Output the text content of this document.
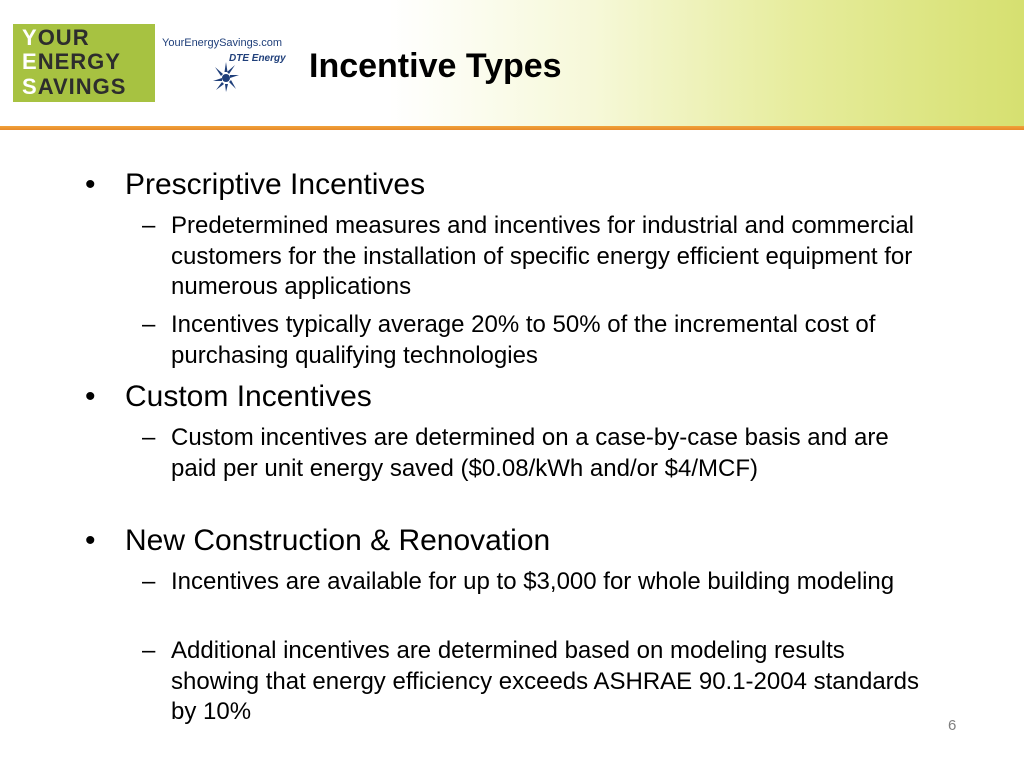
YOUR
ENERGY
SAVINGS
YourEnergySavings.com
DTE Energy Incentive Types
• Prescriptive Incentives
– Predetermined measures and incentives for industrial and commercial customers for the installation of specific energy efficient equipment for numerous applications
– Incentives typically average 20% to 50% of the incremental cost of purchasing qualifying technologies
• Custom Incentives
– Custom incentives are determined on a case-by-case basis and are paid per unit energy saved ($0.08/kWh and/or $4/MCF)
• New Construction & Renovation
– Incentives are available for up to $3,000 for whole building modeling
– Additional incentives are determined based on modeling results showing that energy efficiency exceeds ASHRAE 90.1-2004 standards by 10%
6
